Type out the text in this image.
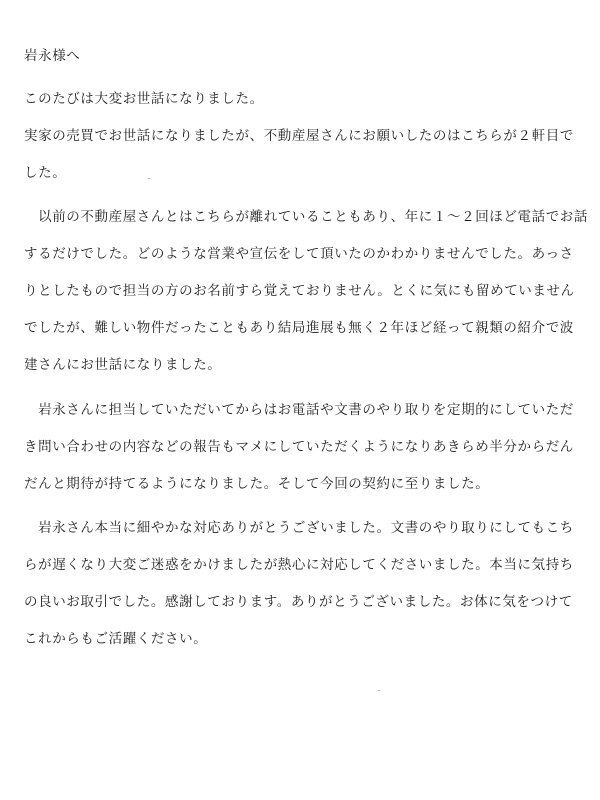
岩永様へ
このたびは大変お世話になりました。
実家の売買でお世話になりましたが、不動産屋さんにお願いしたのはこちらが２軒目で
した。
　以前の不動産屋さんとはこちらが離れていることもあり、年に１～２回ほど電話でお話
するだけでした。どのような営業や宣伝をして頂いたのかわかりませんでした。あっさ
りとしたもので担当の方のお名前すら覚えておりません。とくに気にも留めていません
でしたが、難しい物件だったこともあり結局進展も無く２年ほど経って親類の紹介で波
建さんにお世話になりました。
　岩永さんに担当していただいてからはお電話や文書のやり取りを定期的にしていただ
き問い合わせの内容などの報告もマメにしていただくようになりあきらめ半分からだん
だんと期待が持てるようになりました。そして今回の契約に至りました。
　岩永さん本当に細やかな対応ありがとうございました。文書のやり取りにしてもこち
らが遅くなり大変ご迷惑をかけましたが熱心に対応してくださいました。本当に気持ち
の良いお取引でした。感謝しております。ありがとうございました。お体に気をつけて
これからもご活躍ください。
